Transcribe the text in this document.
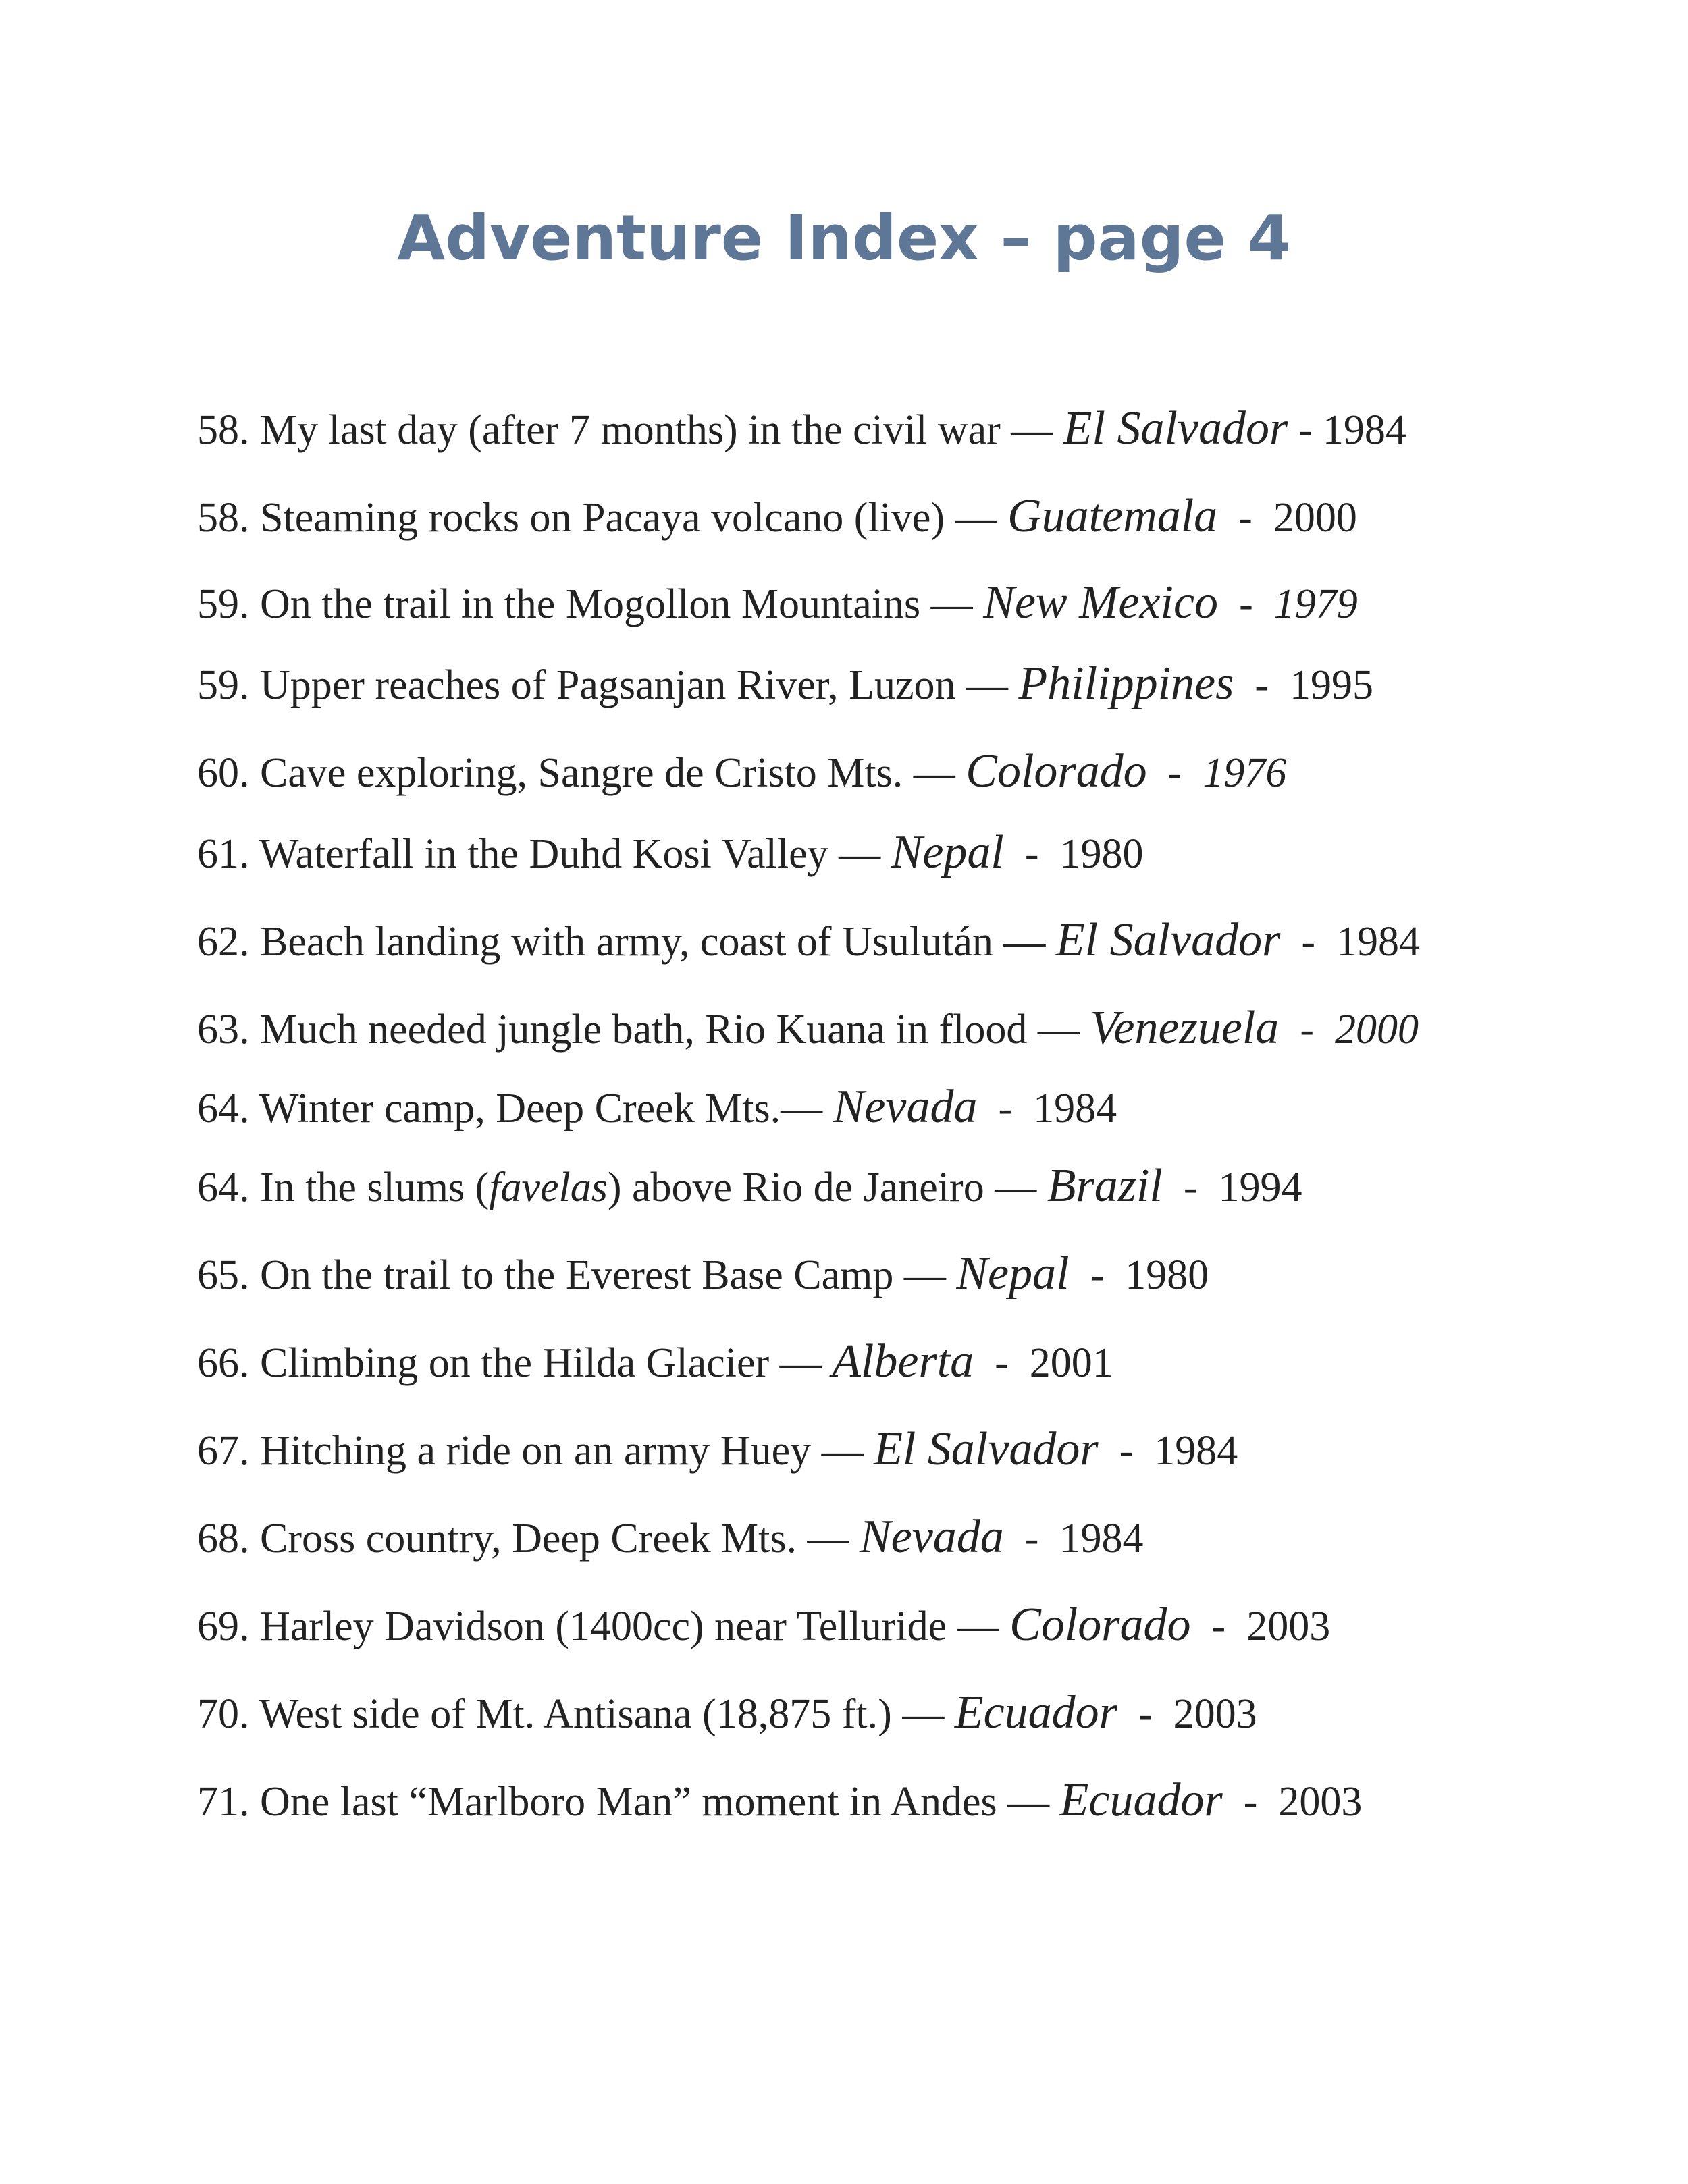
Adventure Index – page 4
58. My last day (after 7 months) in the civil war — El Salvador - 1984
58. Steaming rocks on Pacaya volcano (live) — Guatemala  -  2000
59. On the trail in the Mogollon Mountains — New Mexico  -  1979
59. Upper reaches of Pagsanjan River, Luzon — Philippines  -  1995
60. Cave exploring, Sangre de Cristo Mts. — Colorado  -  1976
61. Waterfall in the Duhd Kosi Valley — Nepal  -  1980
62. Beach landing with army, coast of Usulután — El Salvador  -  1984
63. Much needed jungle bath, Rio Kuana in flood — Venezuela  -  2000
64. Winter camp, Deep Creek Mts.— Nevada  -  1984
64. In the slums (favelas) above Rio de Janeiro — Brazil  -  1994
65. On the trail to the Everest Base Camp — Nepal  -  1980
66. Climbing on the Hilda Glacier — Alberta  -  2001
67. Hitching a ride on an army Huey — El Salvador  -  1984
68. Cross country, Deep Creek Mts. — Nevada  -  1984
69. Harley Davidson (1400cc) near Telluride — Colorado  -  2003
70. West side of Mt. Antisana (18,875 ft.) — Ecuador  -  2003
71. One last “Marlboro Man” moment in Andes — Ecuador  -  2003
